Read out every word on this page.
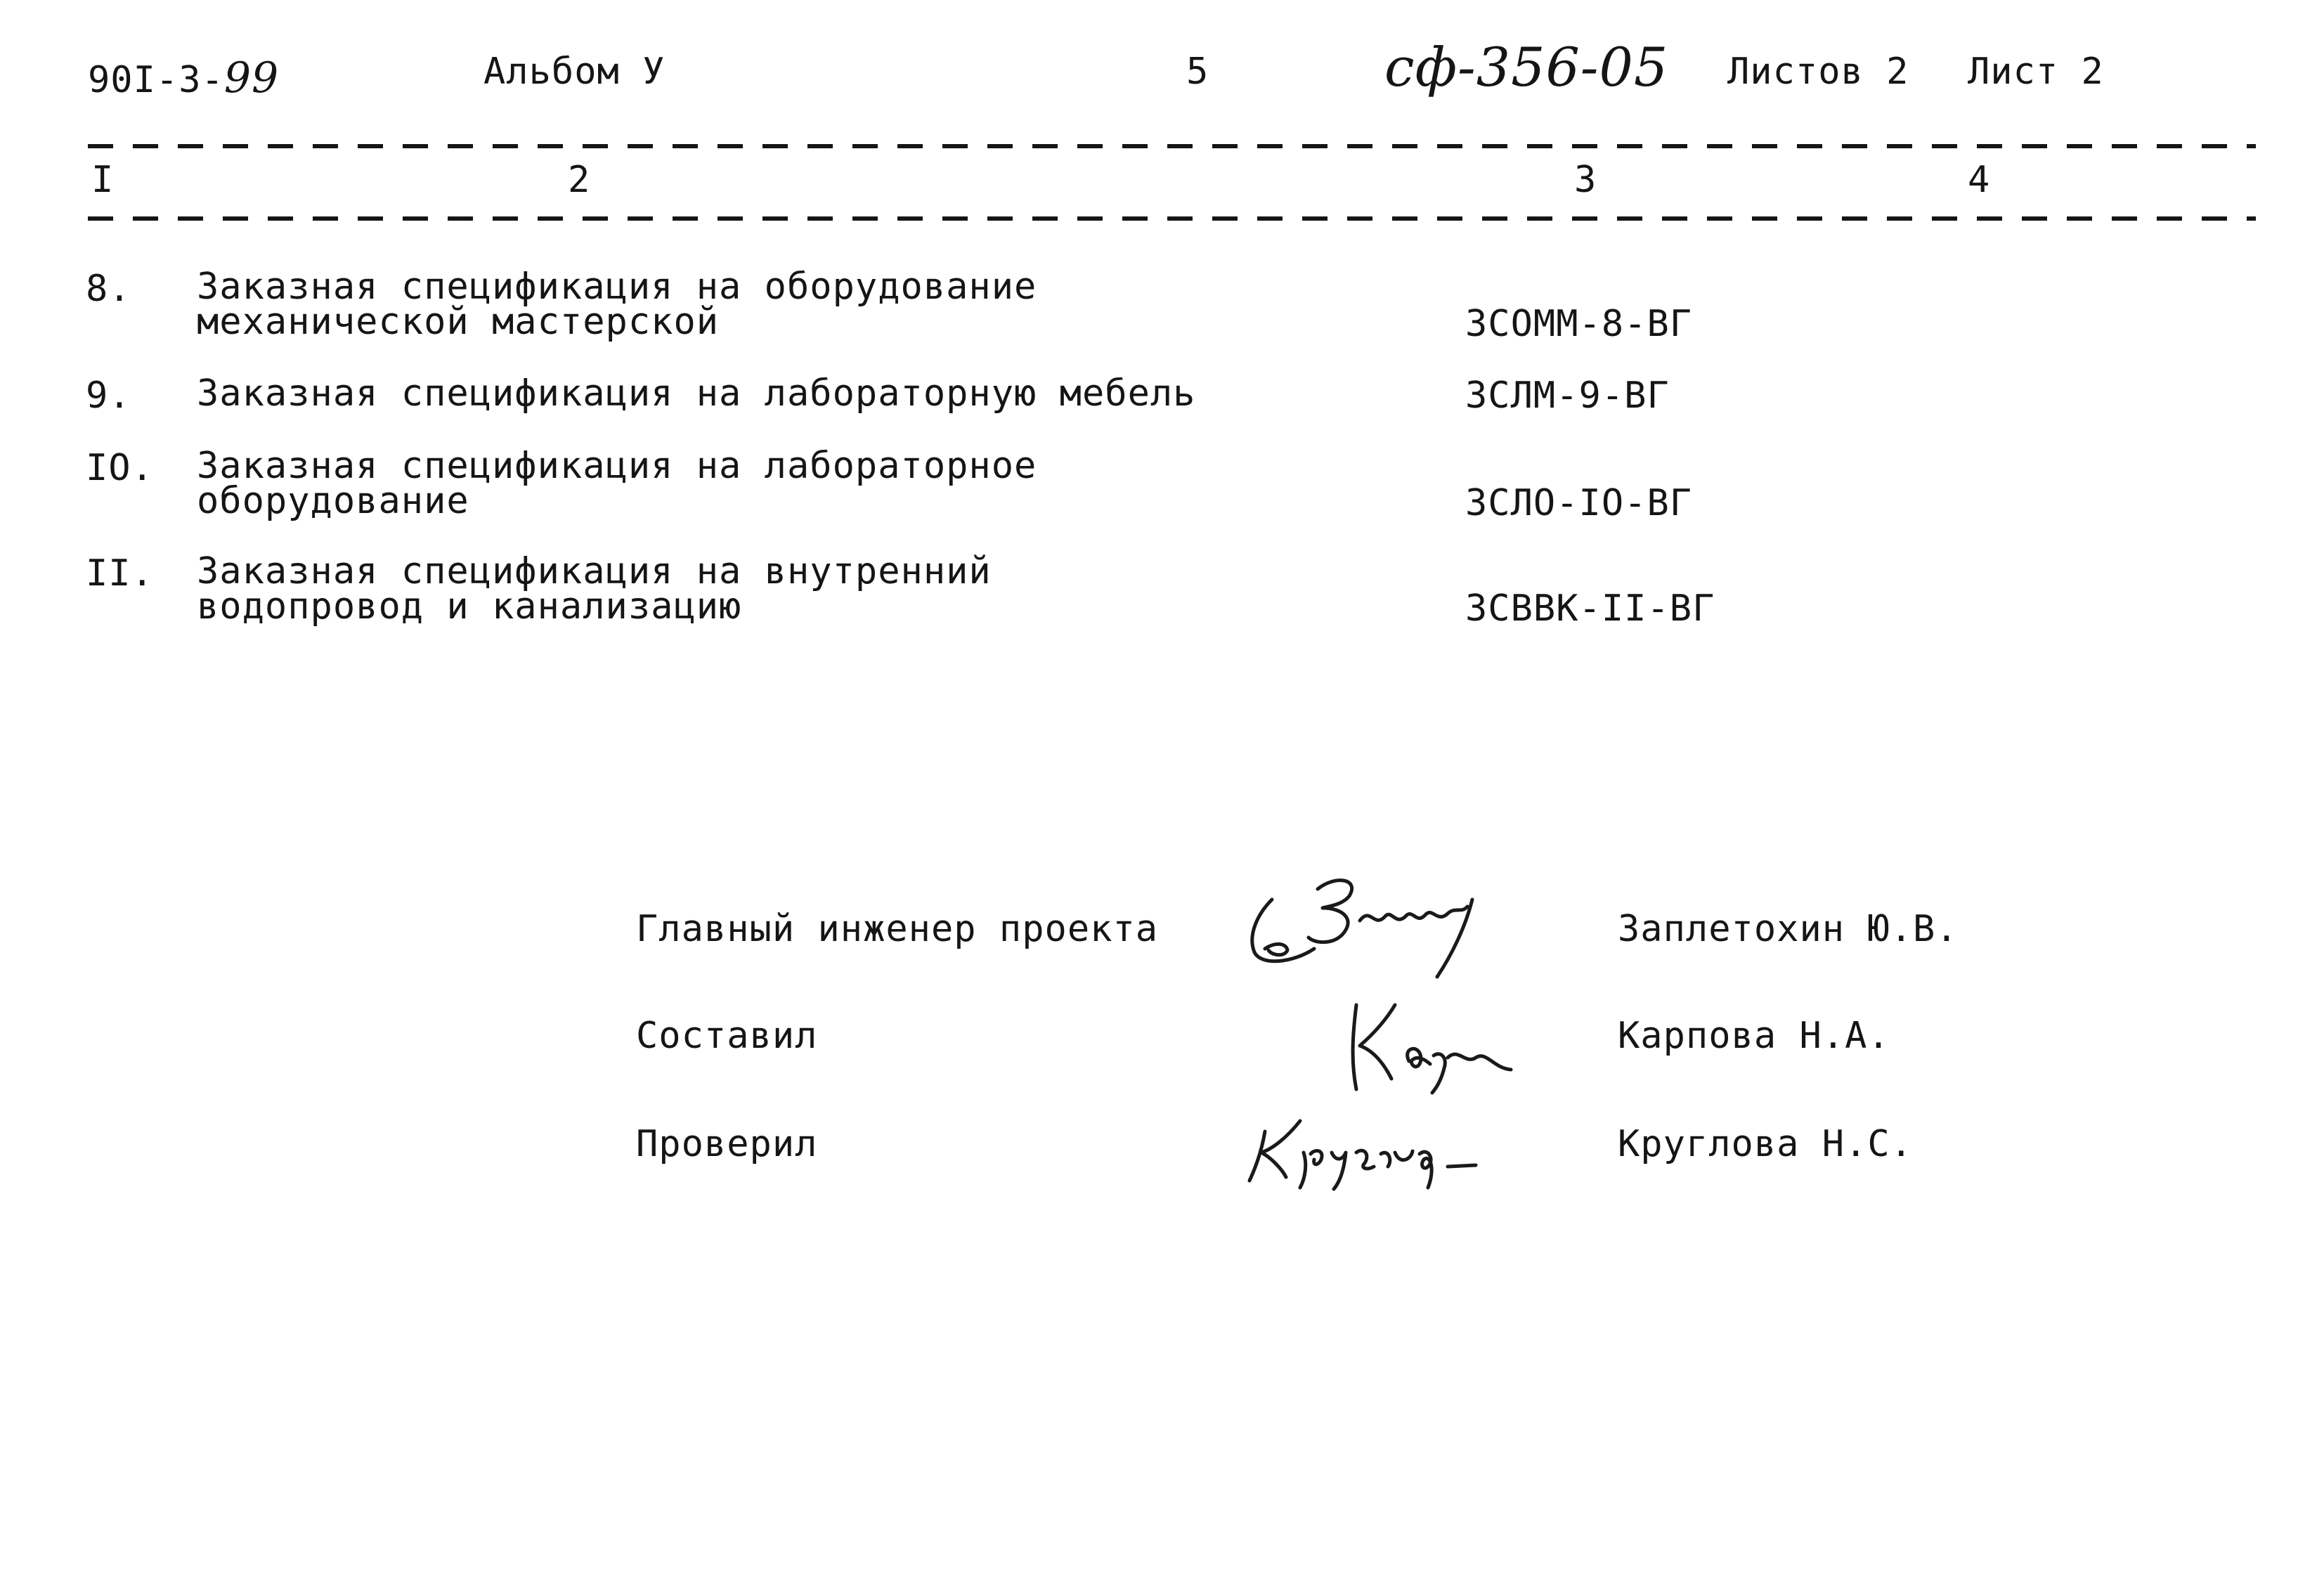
90I-3-99	Альбом У	5	сф-356-05 Листов 2 Лист 2
I	2	3	4
8. Заказная спецификация на оборудование
механической мастерской	ЗСОММ-8-ВГ
9. Заказная спецификация на лабораторную мебель	ЗСЛМ-9-ВГ
IO. Заказная спецификация на лабораторное
оборудование	ЗСЛО-IO-ВГ
II. Заказная спецификация на внутренний
водопровод и канализацию	ЗСВВК-II-ВГ
Главный инженер проекта	Заплетохин Ю.В.
Составил	Карпова Н.А.
Проверил	Круглова Н.С.
